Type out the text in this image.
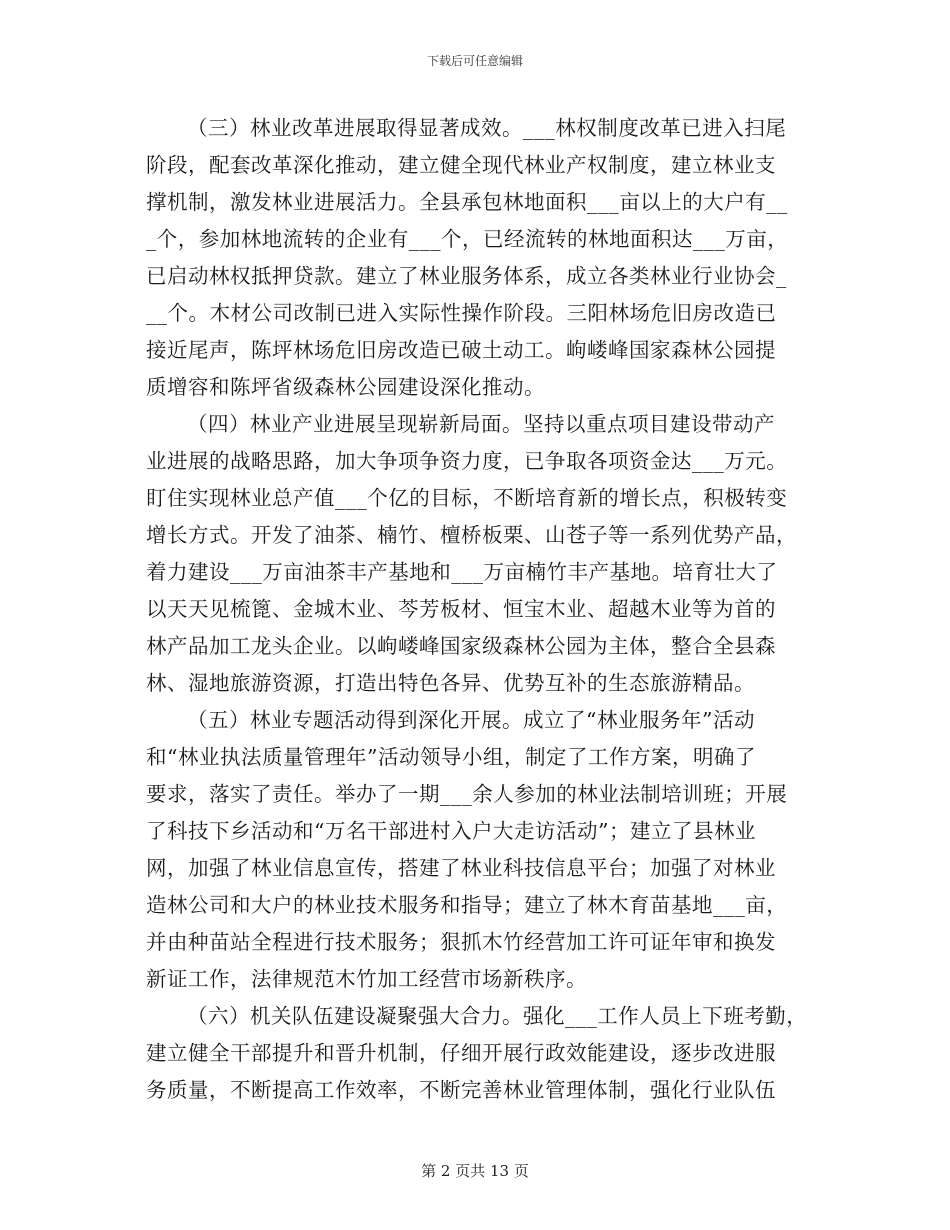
下载后可任意编辑

（三）林业改革进展取得显著成效。___林权制度改革已进入扫尾
阶段，配套改革深化推动，建立健全现代林业产权制度，建立林业支
撑机制，激发林业进展活力。全县承包林地面积___亩以上的大户有__
_个，参加林地流转的企业有___个，已经流转的林地面积达___万亩，
已启动林权抵押贷款。建立了林业服务体系，成立各类林业行业协会_
__个。木材公司改制已进入实际性操作阶段。三阳林场危旧房改造已
接近尾声，陈坪林场危旧房改造已破土动工。岣嵝峰国家森林公园提
质增容和陈坪省级森林公园建设深化推动。

（四）林业产业进展呈现崭新局面。坚持以重点项目建设带动产
业进展的战略思路，加大争项争资力度，已争取各项资金达___万元。
盯住实现林业总产值___个亿的目标，不断培育新的增长点，积极转变
增长方式。开发了油茶、楠竹、檀桥板栗、山苍子等一系列优势产品，
着力建设___万亩油茶丰产基地和___万亩楠竹丰产基地。培育壮大了
以天天见梳篦、金城木业、芩芳板材、恒宝木业、超越木业等为首的
林产品加工龙头企业。以岣嵝峰国家级森林公园为主体，整合全县森
林、湿地旅游资源，打造出特色各异、优势互补的生态旅游精品。

（五）林业专题活动得到深化开展。成立了“林业服务年”活动
和“林业执法质量管理年”活动领导小组，制定了工作方案，明确了
要求，落实了责任。举办了一期___余人参加的林业法制培训班；开展
了科技下乡活动和“万名干部进村入户大走访活动”；建立了县林业
网，加强了林业信息宣传，搭建了林业科技信息平台；加强了对林业
造林公司和大户的林业技术服务和指导；建立了林木育苗基地___亩，
并由种苗站全程进行技术服务；狠抓木竹经营加工许可证年审和换发
新证工作，法律规范木竹加工经营市场新秩序。

（六）机关队伍建设凝聚强大合力。强化___工作人员上下班考勤，
建立健全干部提升和晋升机制，仔细开展行政效能建设，逐步改进服
务质量，不断提高工作效率，不断完善林业管理体制，强化行业队伍

第 2 页共 13 页
